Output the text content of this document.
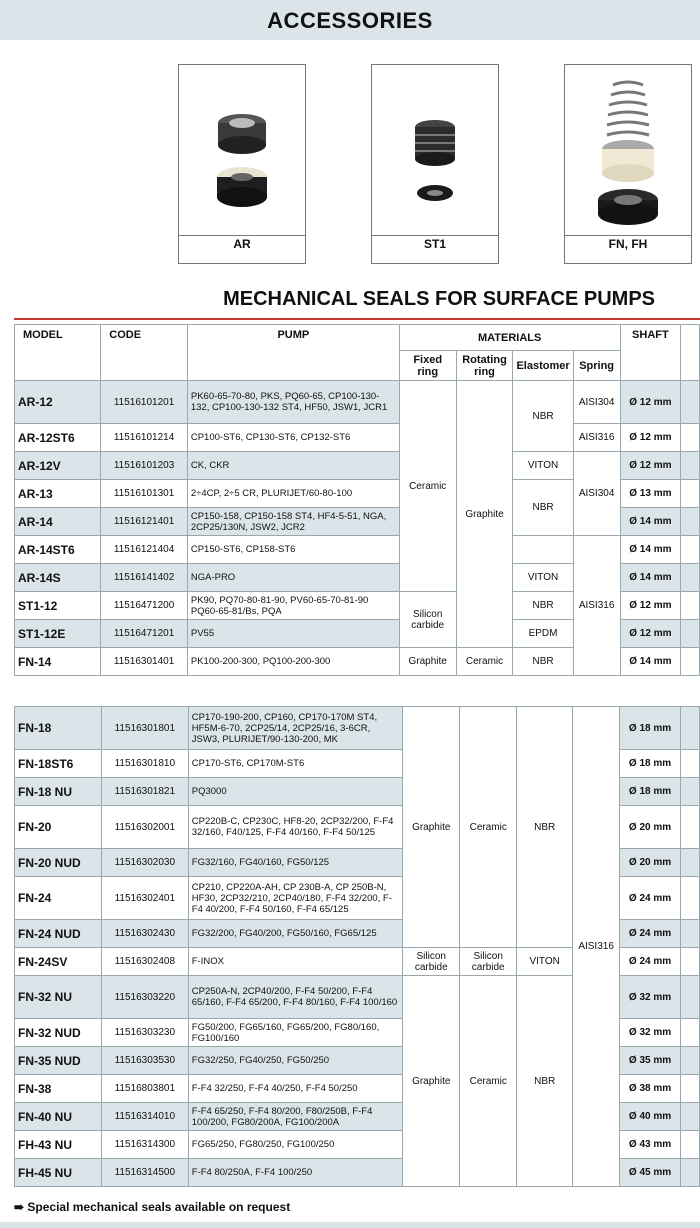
ACCESSORIES
AR	ST1	FN, FH
MECHANICAL SEALS FOR SURFACE PUMPS
MODEL	CODE	PUMP	MATERIALS				SHAFT	
			Fixed ring	Rotating ring	Elastomer	Spring		
AR-12	11516101201	PK60-65-70-80, PKS, PQ60-65, CP100-130-132, CP100-130-132 ST4, HF50, JSW1, JCR1	Ceramic	Graphite	NBR	AISI304	Ø 12 mm	
AR-12ST6	11516101214	CP100-ST6, CP130-ST6, CP132-ST6				AISI316	Ø 12 mm	
AR-12V	11516101203	CK, CKR			VITON	AISI304	Ø 12 mm	
AR-13	11516101301	2÷4CP, 2÷5 CR, PLURIJET/60-80-100			NBR		Ø 13 mm	
AR-14	11516121401	CP150-158, CP150-158 ST4, HF4-5-51, NGA, 2CP25/130N, JSW2, JCR2					Ø 14 mm	
AR-14ST6	11516121404	CP150-ST6, CP158-ST6				AISI316	Ø 14 mm	
AR-14S	11516141402	NGA-PRO			VITON		Ø 14 mm	
ST1-12	11516471200	PK90, PQ70-80-81-90, PV60-65-70-81-90 PQ60-65-81/Bs, PQA	Silicon carbide		NBR		Ø 12 mm	
ST1-12E	11516471201	PV55			EPDM		Ø 12 mm	
FN-14	11516301401	PK100-200-300, PQ100-200-300	Graphite	Ceramic	NBR		Ø 14 mm	
FN-18	11516301801	CP170-190-200, CP160, CP170-170M ST4, HF5M-6-70, 2CP25/14, 2CP25/16, 3-6CR, JSW3, PLURIJET/90-130-200, MK	Graphite	Ceramic	NBR	AISI316	Ø 18 mm	
FN-18ST6	11516301810	CP170-ST6, CP170M-ST6					Ø 18 mm	
FN-18 NU	11516301821	PQ3000					Ø 18 mm	
FN-20	11516302001	CP220B-C, CP230C, HF8-20, 2CP32/200, F-F4 32/160, F40/125, F-F4 40/160, F-F4 50/125					Ø 20 mm	
FN-20 NUD	11516302030	FG32/160, FG40/160, FG50/125					Ø 20 mm	
FN-24	11516302401	CP210, CP220A-AH, CP 230B-A, CP 250B-N, HF30, 2CP32/210, 2CP40/180, F-F4 32/200, F-F4 40/200, F-F4 50/160, F-F4 65/125					Ø 24 mm	
FN-24 NUD	11516302430	FG32/200, FG40/200, FG50/160, FG65/125					Ø 24 mm	
FN-24SV	11516302408	F-INOX	Silicon carbide	Silicon carbide	VITON		Ø 24 mm	
FN-32 NU	11516303220	CP250A-N, 2CP40/200, F-F4 50/200, F-F4 65/160, F-F4 65/200, F-F4 80/160, F-F4 100/160	Graphite	Ceramic	NBR		Ø 32 mm	
FN-32 NUD	11516303230	FG50/200, FG65/160, FG65/200, FG80/160, FG100/160					Ø 32 mm	
FN-35 NUD	11516303530	FG32/250, FG40/250, FG50/250					Ø 35 mm	
FN-38	11516803801	F-F4 32/250, F-F4 40/250, F-F4 50/250					Ø 38 mm	
FN-40 NU	11516314010	F-F4 65/250, F-F4 80/200, F80/250B, F-F4 100/200, FG80/200A, FG100/200A					Ø 40 mm	
FH-43 NU	11516314300	FG65/250, FG80/250, FG100/250					Ø 43 mm	
FH-45 NU	11516314500	F-F4 80/250A, F-F4 100/250					Ø 45 mm	
➠ Special mechanical seals available on request
